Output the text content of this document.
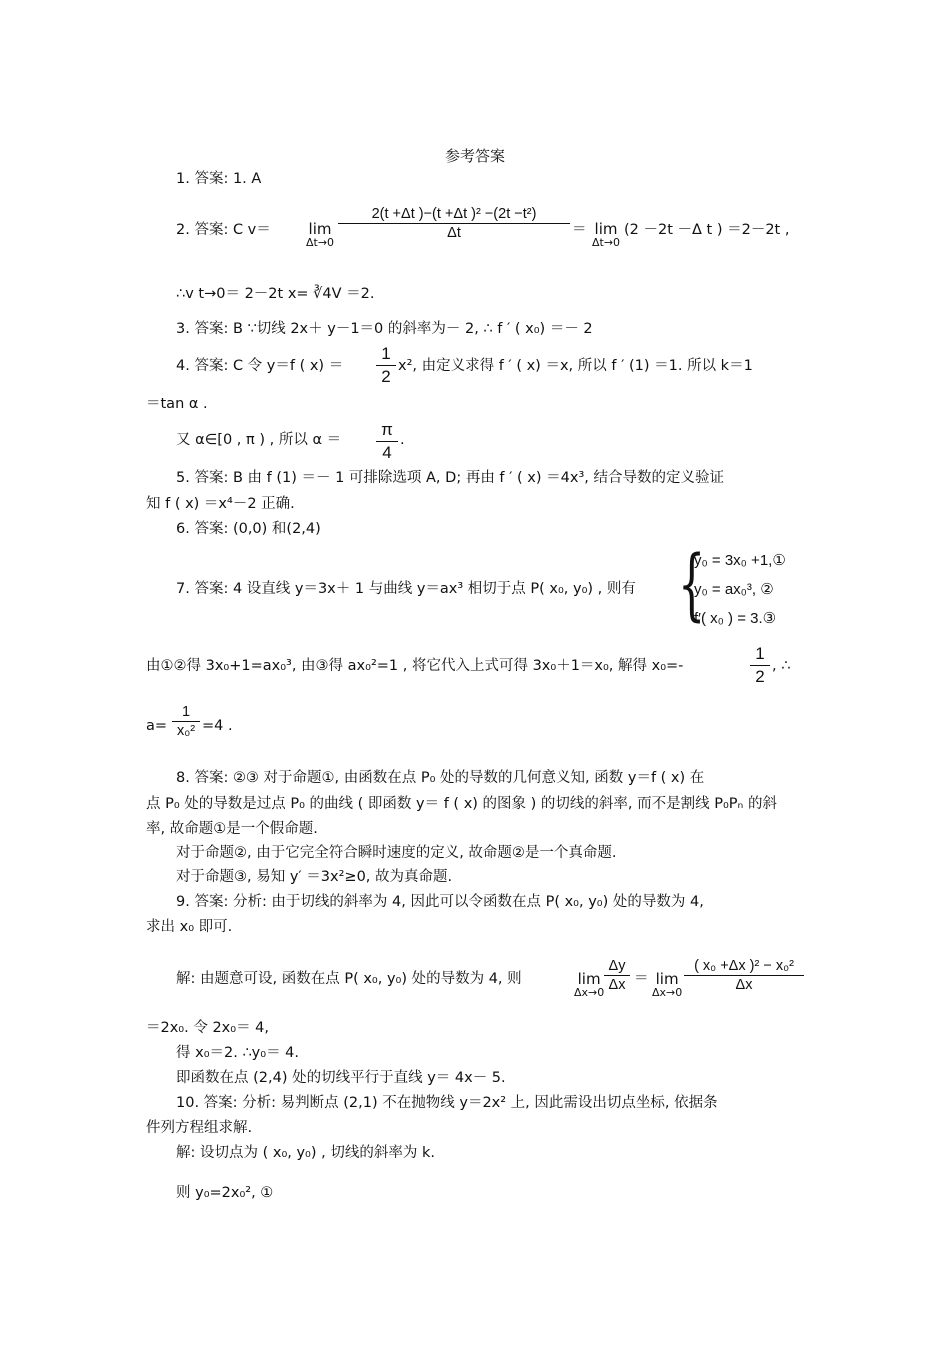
参考答案
1. 答案: 1. A
2. 答案: C v＝	lim
Δt→0
2(t +Δt )−(t +Δt )² −(2t −t²)
Δt	＝ lim
Δt→0
(2 －2t －Δ t ) ＝2－2t ,
∴v t→0＝ 2－2t x= ∛4V ＝2.
3. 答案: B ∵切线 2x＋ y－1＝0 的斜率为－ 2, ∴ f ′ ( x₀) ＝－ 2
4. 答案: C 令 y＝f ( x) ＝
1
2
x², 由定义求得 f ′ ( x) ＝x, 所以 f ′ (1) ＝1. 所以 k＝1
＝tan α .
又 α∈[0 , π ) , 所以 α ＝
π
4
.
5. 答案: B 由 f (1) ＝－ 1 可排除选项 A, D; 再由 f ′ ( x) ＝4x³, 结合导数的定义验证
知 f ( x) ＝x⁴－2 正确.
6. 答案: (0,0) 和(2,4)
7. 答案: 4 设直线 y＝3x＋ 1 与曲线 y＝ax³ 相切于点 P( x₀, y₀) , 则有 {
y₀ = 3x₀ +1,①
y₀ = ax₀³, ②
f′( x₀ ) = 3.③
由①②得 3x₀+1=ax₀³, 由③得 ax₀²=1 , 将它代入上式可得 3x₀＋1＝x₀, 解得 x₀=-
1
2
, ∴
a=
1
x₀² =4 .
8. 答案: ②③ 对于命题①, 由函数在点 P₀ 处的导数的几何意义知, 函数 y＝f ( x) 在
点 P₀ 处的导数是过点 P₀ 的曲线 ( 即函数 y＝ f ( x) 的图象 ) 的切线的斜率, 而不是割线 P₀Pₙ 的斜
率, 故命题①是一个假命题.
对于命题②, 由于它完全符合瞬时速度的定义, 故命题②是一个真命题.
对于命题③, 易知 y′ ＝3x²≥0, 故为真命题.
9. 答案: 分析: 由于切线的斜率为 4, 因此可以令函数在点 P( x₀, y₀) 处的导数为 4,
求出 x₀ 即可.
解: 由题意可设, 函数在点 P( x₀, y₀) 处的导数为 4, 则	lim
Δx→0
Δy
Δx ＝ lim
Δx→0
( x₀ +Δx )² − x₀²
Δx
＝2x₀. 令 2x₀＝ 4,
得 x₀＝2. ∴y₀＝ 4.
即函数在点 (2,4) 处的切线平行于直线 y＝ 4x－ 5.
10. 答案: 分析: 易判断点 (2,1) 不在抛物线 y＝2x² 上, 因此需设出切点坐标, 依据条
件列方程组求解.
解: 设切点为 ( x₀, y₀) , 切线的斜率为 k.
则 y₀=2x₀², ①
